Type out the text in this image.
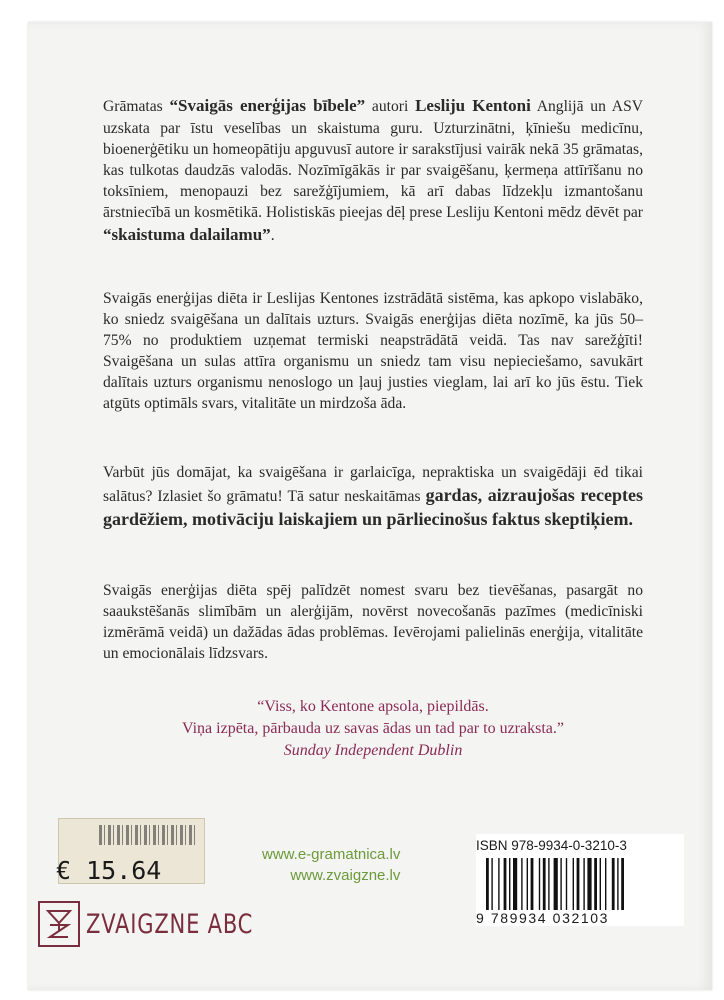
Grāmatas “Svaigās enerģijas bībele” autori Lesliju Kentoni Anglijā un ASV uzskata par īstu veselības un skaistuma guru. Uzturzinātni, ķīniešu medicīnu, bioenerģētiku un homeopātiju apguvusī autore ir sarakstījusi vairāk nekā 35 grāmatas, kas tulkotas daudzās valodās. Nozīmīgākās ir par svaigēšanu, ķermeņa attīrīšanu no toksīniem, menopauzi bez sarežģījumiem, kā arī dabas līdzekļu izmantošanu ārstniecībā un kosmētikā. Holistiskās pieejas dēļ prese Lesliju Kentoni mēdz dēvēt par “skaistuma dalailamu”.
Svaigās enerģijas diēta ir Leslijas Kentones izstrādātā sistēma, kas apkopo vislabāko, ko sniedz svaigēšana un dalītais uzturs. Svaigās enerģijas diēta nozīmē, ka jūs 50–75% no produktiem uzņemat termiski neapstrādātā veidā. Tas nav sarežģīti! Svaigēšana un sulas attīra organismu un sniedz tam visu nepieciešamo, savukārt dalītais uzturs organismu nenoslogo un ļauj justies vieglam, lai arī ko jūs ēstu. Tiek atgūts optimāls svars, vitalitāte un mirdzoša āda.
Varbūt jūs domājat, ka svaigēšana ir garlaicīga, nepraktiska un svaigēdāji ēd tikai salātus? Izlasiet šo grāmatu! Tā satur neskaitāmas gardas, aizraujošas receptes gardēžiem, motivāciju laiskajiem un pārliecinošus faktus skeptiķiem.
Svaigās enerģijas diēta spēj palīdzēt nomest svaru bez tievēšanas, pasargāt no saaukstēšanās slimībām un alerģijām, novērst novecošanās pazīmes (medicīniski izmērāmā veidā) un dažādas ādas problēmas. Ievērojami palielinās enerģija, vitalitāte un emocionālais līdzsvars.
“Viss, ko Kentone apsola, piepildās.
Viņa izpēta, pārbauda uz savas ādas un tad par to uzraksta.”
Sunday Independent Dublin
€ 15.64
ZVAIGZNE ABC
www.e-gramatnica.lv
www.zvaigzne.lv
ISBN 978-9934-0-3210-3
9 789934 032103
